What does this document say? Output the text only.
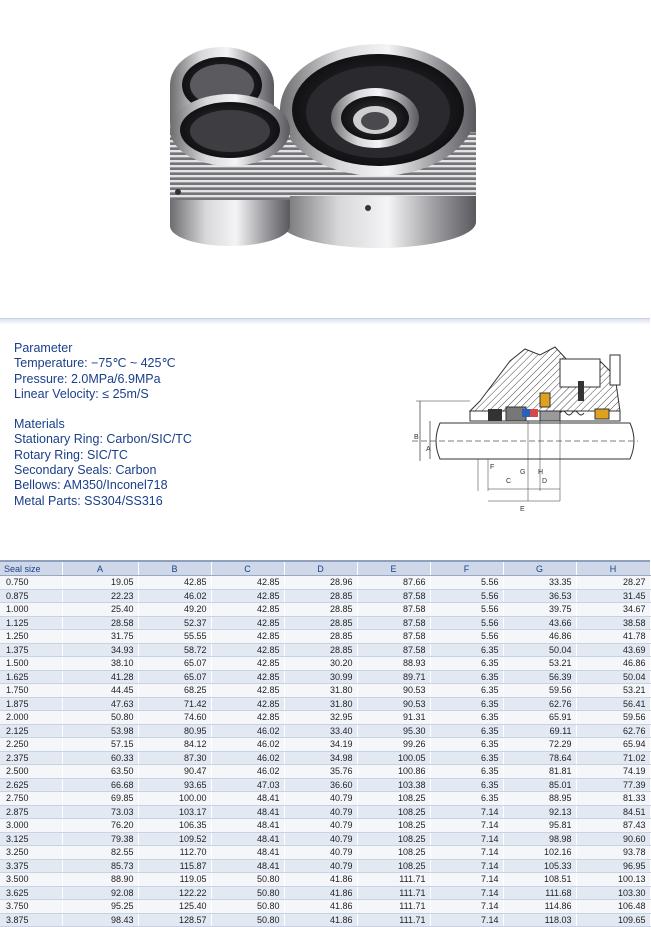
Parameter
Temperature: −75℃ ~ 425℃
Pressure: 2.0MPa/6.9MPa
Linear Velocity: ≤ 25m/S
Materials
Stationary Ring: Carbon/SIC/TC
Rotary Ring: SIC/TC
Secondary Seals: Carbon
Bellows: AM350/Inconel718
Metal Parts: SS304/SS316
B
A
F
C
G H
D
E
Seal size	A	B	C	D	E	F	G	H
0.750	19.05	42.85	42.85	28.96	87.66	5.56	33.35	28.27
0.875	22.23	46.02	42.85	28.85	87.58	5.56	36.53	31.45
1.000	25.40	49.20	42.85	28.85	87.58	5.56	39.75	34.67
1.125	28.58	52.37	42.85	28.85	87.58	5.56	43.66	38.58
1.250	31.75	55.55	42.85	28.85	87.58	5.56	46.86	41.78
1.375	34.93	58.72	42.85	28.85	87.58	6.35	50.04	43.69
1.500	38.10	65.07	42.85	30.20	88.93	6.35	53.21	46.86
1.625	41.28	65.07	42.85	30.99	89.71	6.35	56.39	50.04
1.750	44.45	68.25	42.85	31.80	90.53	6.35	59.56	53.21
1.875	47.63	71.42	42.85	31.80	90.53	6.35	62.76	56.41
2.000	50.80	74.60	42.85	32.95	91.31	6.35	65.91	59.56
2.125	53.98	80.95	46.02	33.40	95.30	6.35	69.11	62.76
2.250	57.15	84.12	46.02	34.19	99.26	6.35	72.29	65.94
2.375	60.33	87.30	46.02	34.98	100.05	6.35	78.64	71.02
2.500	63.50	90.47	46.02	35.76	100.86	6.35	81.81	74.19
2.625	66.68	93.65	47.03	36.60	103.38	6.35	85.01	77.39
2.750	69.85	100.00	48.41	40.79	108.25	6.35	88.95	81.33
2.875	73.03	103.17	48.41	40.79	108.25	7.14	92.13	84.51
3.000	76.20	106.35	48.41	40.79	108.25	7.14	95.81	87.43
3.125	79.38	109.52	48.41	40.79	108.25	7.14	98.98	90.60
3.250	82.55	112.70	48.41	40.79	108.25	7.14	102.16	93.78
3.375	85.73	115.87	48.41	40.79	108.25	7.14	105.33	96.95
3.500	88.90	119.05	50.80	41.86	111.71	7.14	108.51	100.13
3.625	92.08	122.22	50.80	41.86	111.71	7.14	111.68	103.30
3.750	95.25	125.40	50.80	41.86	111.71	7.14	114.86	106.48
3.875	98.43	128.57	50.80	41.86	111.71	7.14	118.03	109.65
